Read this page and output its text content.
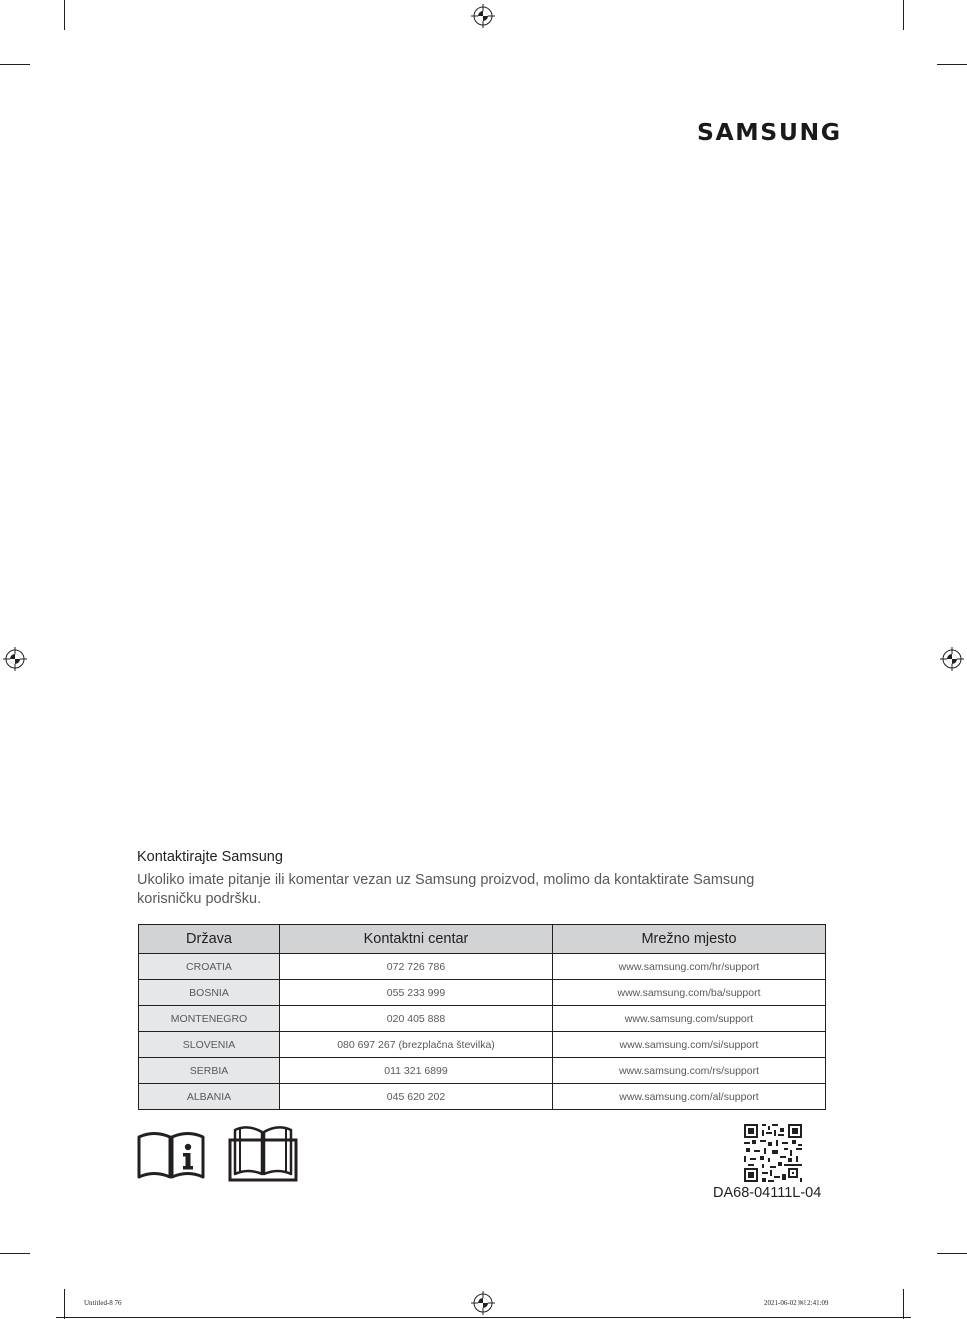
SAMSUNG
Kontaktirajte Samsung
Ukoliko imate pitanje ili komentar vezan uz Samsung proizvod, molimo da kontaktirate Samsung korisničku podršku.
Država	Kontaktni centar	Mrežno mjesto
CROATIA	072 726 786	www.samsung.com/hr/support
BOSNIA	055 233 999	www.samsung.com/ba/support
MONTENEGRO	020 405 888	www.samsung.com/support
SLOVENIA	080 697 267 (brezplačna številka)	www.samsung.com/si/support
SERBIA	011 321 6899	www.samsung.com/rs/support
ALBANIA	045 620 202	www.samsung.com/al/support
DA68-04111L-04
Untitled-8 76	2021-06-02 ￼ 2:41:09
